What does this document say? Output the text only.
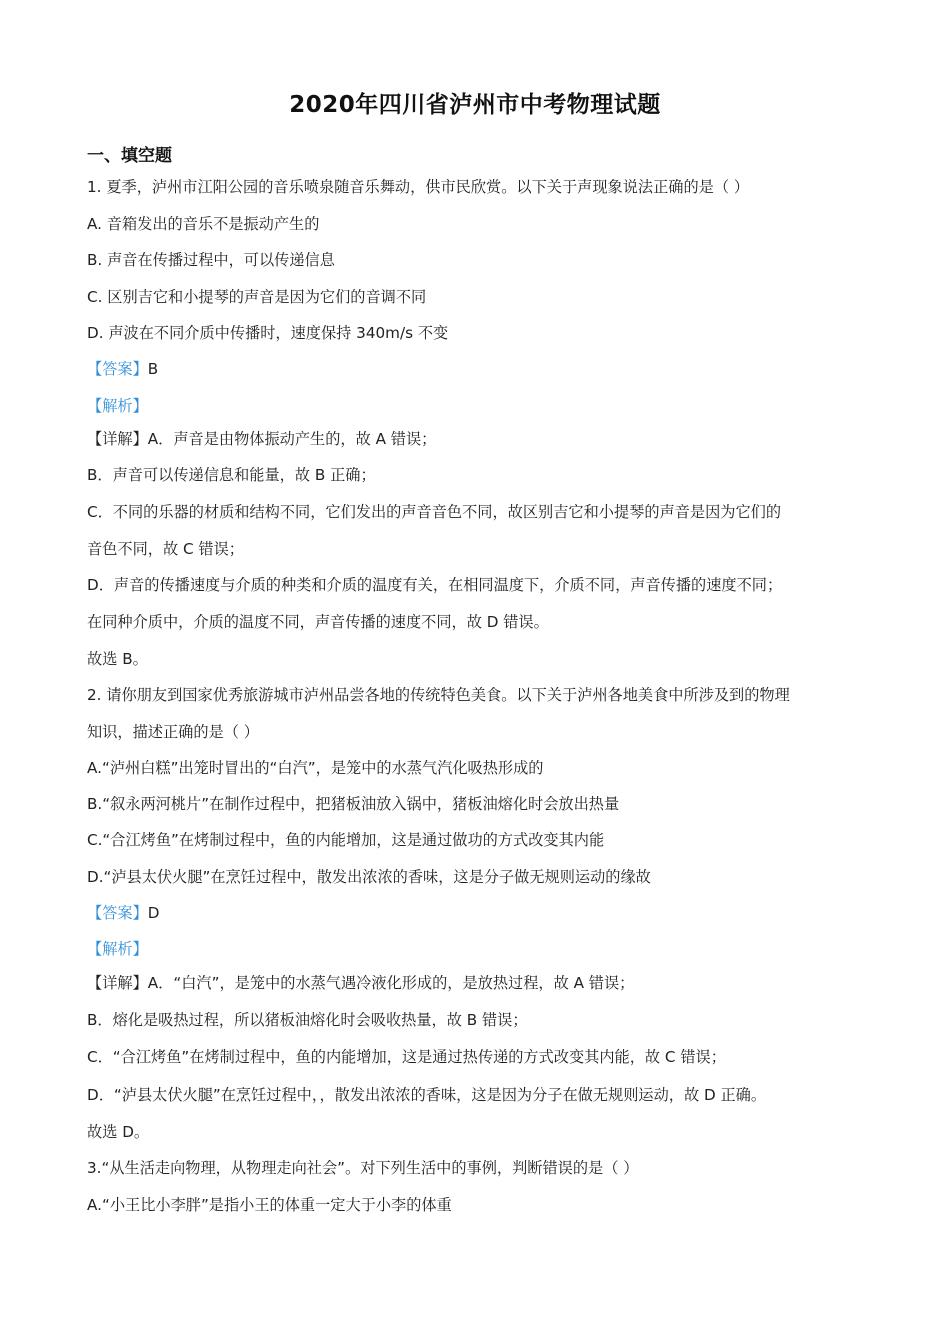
2020年四川省泸州市中考物理试题
一、填空题
1. 夏季，泸州市江阳公园的音乐喷泉随音乐舞动，供市民欣赏。以下关于声现象说法正确的是（ ）
A. 音箱发出的音乐不是振动产生的
B. 声音在传播过程中，可以传递信息
C. 区别吉它和小提琴的声音是因为它们的音调不同
D. 声波在不同介质中传播时，速度保持 340m/s 不变
【答案】B
【解析】
【详解】A．声音是由物体振动产生的，故 A 错误；
B．声音可以传递信息和能量，故 B 正确；
C．不同的乐器的材质和结构不同，它们发出的声音音色不同，故区别吉它和小提琴的声音是因为它们的
音色不同，故 C 错误；
D．声音的传播速度与介质的种类和介质的温度有关，在相同温度下，介质不同，声音传播的速度不同；
在同种介质中，介质的温度不同，声音传播的速度不同，故 D 错误。
故选 B。
2. 请你朋友到国家优秀旅游城市泸州品尝各地的传统特色美食。以下关于泸州各地美食中所涉及到的物理
知识，描述正确的是（ ）
A.“泸州白糕”出笼时冒出的“白汽”，是笼中的水蒸气汽化吸热形成的
B.“叙永两河桃片”在制作过程中，把猪板油放入锅中，猪板油熔化时会放出热量
C.“合江烤鱼”在烤制过程中，鱼的内能增加，这是通过做功的方式改变其内能
D.“泸县太伏火腿”在烹饪过程中，散发出浓浓的香味，这是分子做无规则运动的缘故
【答案】D
【解析】
【详解】A．“白汽”，是笼中的水蒸气遇冷液化形成的，是放热过程，故 A 错误；
B．熔化是吸热过程，所以猪板油熔化时会吸收热量，故 B 错误；
C．“合江烤鱼”在烤制过程中，鱼的内能增加，这是通过热传递的方式改变其内能，故 C 错误；
D．“泸县太伏火腿”在烹饪过程中，，散发出浓浓的香味，这是因为分子在做无规则运动，故 D 正确。
故选 D。
3.“从生活走向物理，从物理走向社会”。对下列生活中的事例，判断错误的是（ ）
A.“小王比小李胖”是指小王的体重一定大于小李的体重
